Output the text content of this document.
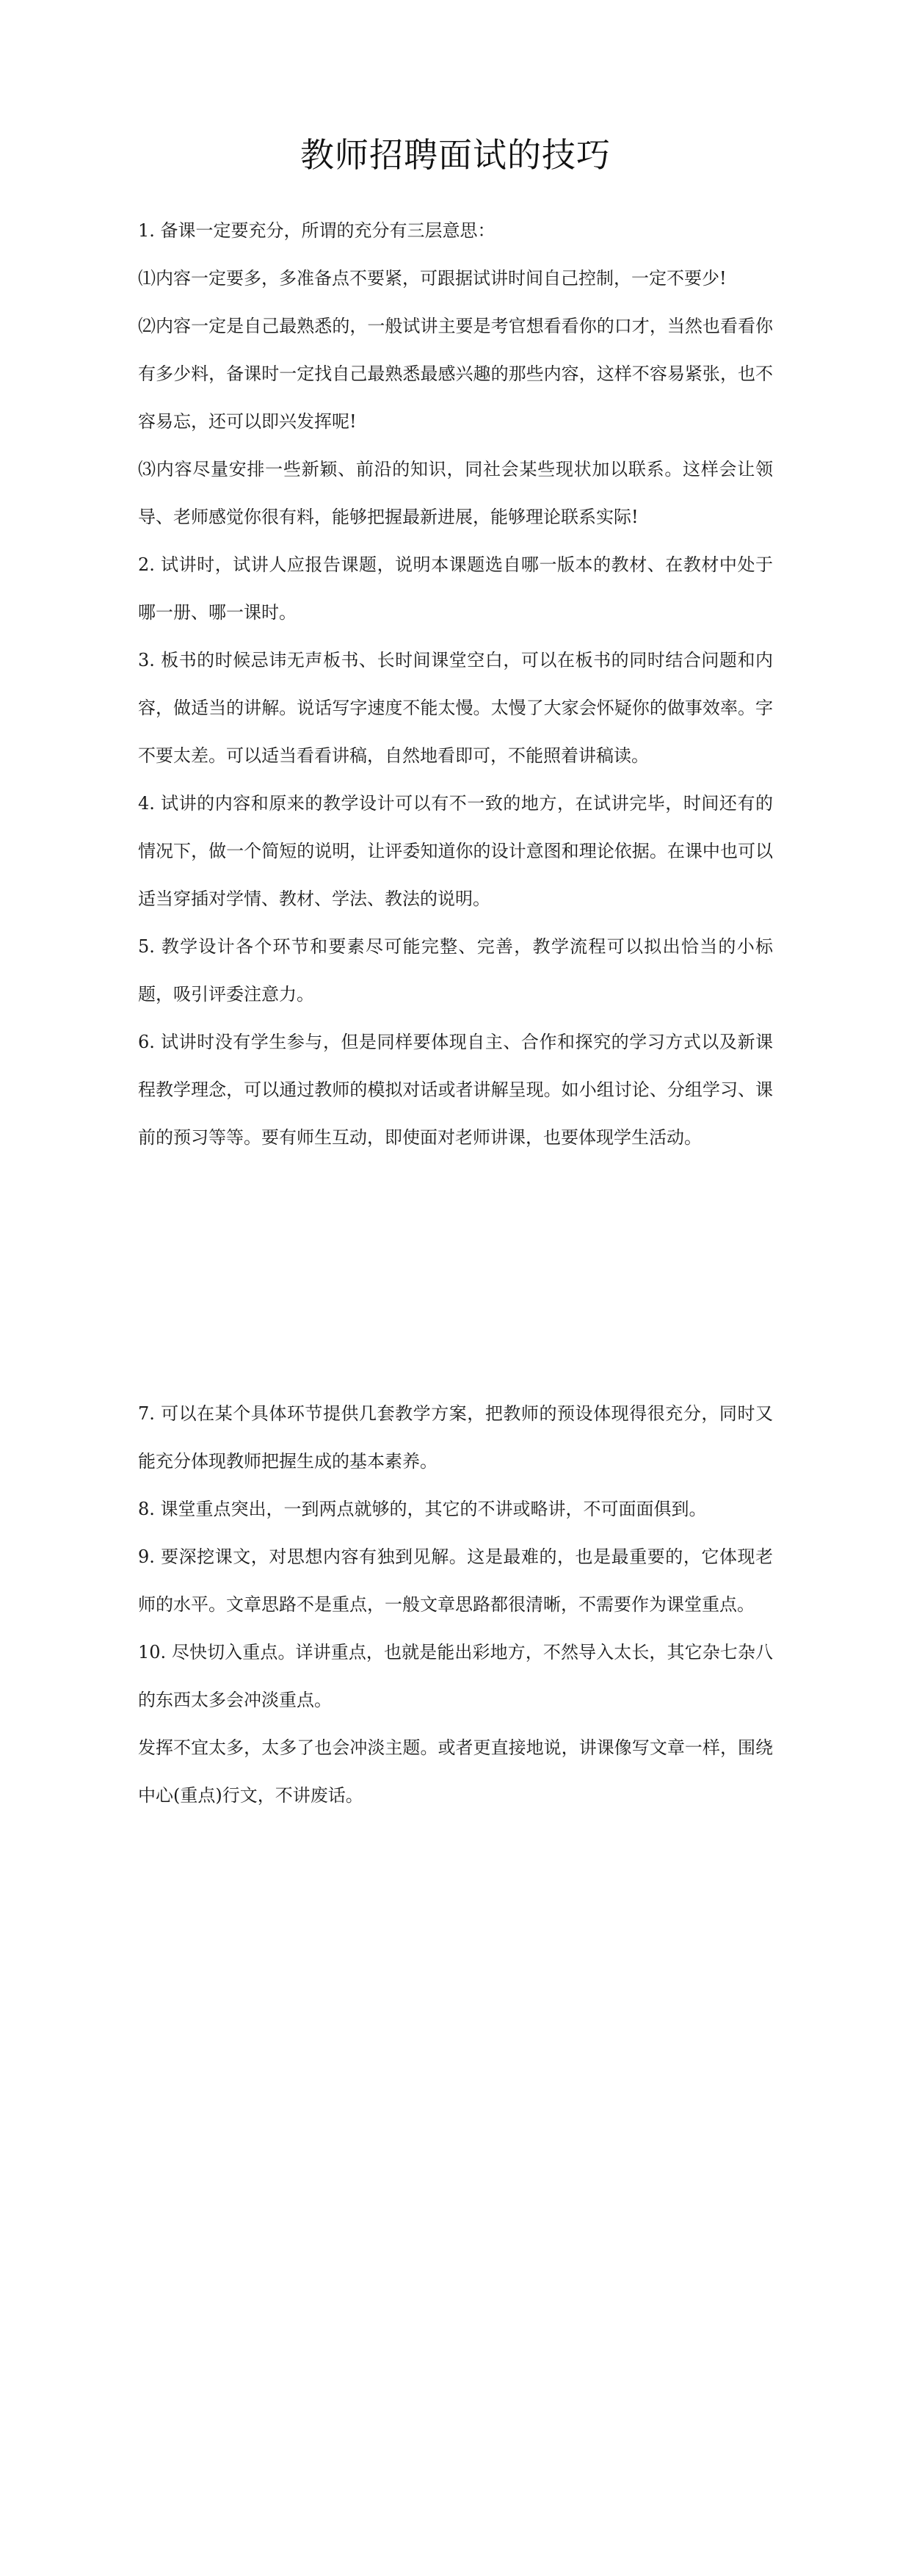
教师招聘面试的技巧

1. 备课一定要充分，所谓的充分有三层意思：

⑴内容一定要多，多准备点不要紧，可跟据试讲时间自己控制，一定不要少!

⑵内容一定是自己最熟悉的，一般试讲主要是考官想看看你的口才，当然也看看你有多少料，备课时一定找自己最熟悉最感兴趣的那些内容，这样不容易紧张，也不容易忘，还可以即兴发挥呢!

⑶内容尽量安排一些新颖、前沿的知识，同社会某些现状加以联系。这样会让领导、老师感觉你很有料，能够把握最新进展，能够理论联系实际!

2. 试讲时，试讲人应报告课题，说明本课题选自哪一版本的教材、在教材中处于哪一册、哪一课时。

3. 板书的时候忌讳无声板书、长时间课堂空白，可以在板书的同时结合问题和内容，做适当的讲解。说话写字速度不能太慢。太慢了大家会怀疑你的做事效率。字不要太差。可以适当看看讲稿，自然地看即可，不能照着讲稿读。

4. 试讲的内容和原来的教学设计可以有不一致的地方，在试讲完毕，时间还有的情况下，做一个简短的说明，让评委知道你的设计意图和理论依据。在课中也可以适当穿插对学情、教材、学法、教法的说明。

5. 教学设计各个环节和要素尽可能完整、完善，教学流程可以拟出恰当的小标题，吸引评委注意力。

6. 试讲时没有学生参与，但是同样要体现自主、合作和探究的学习方式以及新课程教学理念，可以通过教师的模拟对话或者讲解呈现。如小组讨论、分组学习、课前的预习等等。要有师生互动，即使面对老师讲课，也要体现学生活动。

7. 可以在某个具体环节提供几套教学方案，把教师的预设体现得很充分，同时又能充分体现教师把握生成的基本素养。

8. 课堂重点突出，一到两点就够的，其它的不讲或略讲，不可面面俱到。

9. 要深挖课文，对思想内容有独到见解。这是最难的，也是最重要的，它体现老师的水平。文章思路不是重点，一般文章思路都很清晰，不需要作为课堂重点。

10. 尽快切入重点。详讲重点，也就是能出彩地方，不然导入太长，其它杂七杂八的东西太多会冲淡重点。

发挥不宜太多，太多了也会冲淡主题。或者更直接地说，讲课像写文章一样，围绕中心(重点)行文，不讲废话。
